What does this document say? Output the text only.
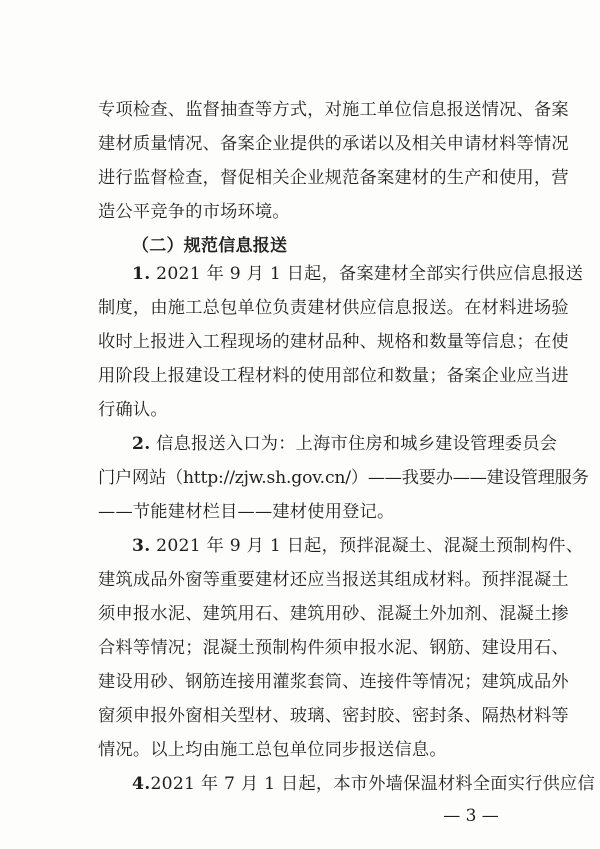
专项检查、监督抽查等方式，对施工单位信息报送情况、备案
建材质量情况、备案企业提供的承诺以及相关申请材料等情况
进行监督检查，督促相关企业规范备案建材的生产和使用，营
造公平竞争的市场环境。
（二）规范信息报送
1. 2021 年 9 月 1 日起，备案建材全部实行供应信息报送
制度，由施工总包单位负责建材供应信息报送。在材料进场验
收时上报进入工程现场的建材品种、规格和数量等信息；在使
用阶段上报建设工程材料的使用部位和数量；备案企业应当进
行确认。
2. 信息报送入口为：上海市住房和城乡建设管理委员会
门户网站（http://zjw.sh.gov.cn/）——我要办——建设管理服务
——节能建材栏目——建材使用登记。
3. 2021 年 9 月 1 日起，预拌混凝土、混凝土预制构件、
建筑成品外窗等重要建材还应当报送其组成材料。预拌混凝土
须申报水泥、建筑用石、建筑用砂、混凝土外加剂、混凝土掺
合料等情况；混凝土预制构件须申报水泥、钢筋、建设用石、
建设用砂、钢筋连接用灌浆套筒、连接件等情况；建筑成品外
窗须申报外窗相关型材、玻璃、密封胶、密封条、隔热材料等
情况。以上均由施工总包单位同步报送信息。
4.2021 年 7 月 1 日起，本市外墙保温材料全面实行供应信
— 3 —
